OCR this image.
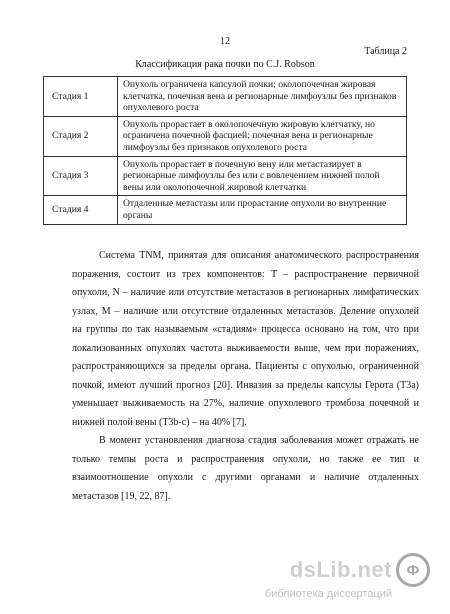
12
Таблица 2
Классификация рака почки по C.J. Robson
Стадия 1	Опухоль ограничена капсулой почки; околопочечная жировая клетчатка, почечная вена и регионарные лимфоузлы без признаков опухолевого роста
Стадия 2	Опухоль прорастает в околопочечную жировую клетчатку, но ограничена почечной фасцией; почечная вена и регионарные лимфоузлы без признаков опухолевого роста
Стадия 3	Опухоль прорастает в почечную вену или метастазирует в регионарные лимфоузлы без или с вовлечением нижней полой вены или околопочечной жировой клетчатки
Стадия 4	Отдаленные метастазы или прорастание опухоли во внутренние органы

Система TNM, принятая для описания анатомического распространения поражения, состоит из трех компонентов: T – распространение первичной опухоли, N – наличие или отсутствие метастазов в регионарных лимфатических узлах, M – наличие или отсутствие отдаленных метастазов. Деление опухолей на группы по так называемым «стадиям» процесса основано на том, что при локализованных опухолях частота выживаемости выше, чем при поражениях, распространяющихся за пределы органа. Пациенты с опухолью, ограниченной почкой, имеют лучший прогноз [20]. Инвазия за пределы капсулы Герота (T3a) уменьшает выживаемость на 27%, наличие опухолевого тромбоза почечной и нижней полой вены (T3b-c) – на 40% [7].

В момент установления диагноза стадия заболевания может отражать не только темпы роста и распространения опухоли, но также ее тип и взаимоотношение опухоли с другими органами и наличие отдаленных метастазов [19, 22, 87].

dsLib.net Ф
библиотека диссертаций
